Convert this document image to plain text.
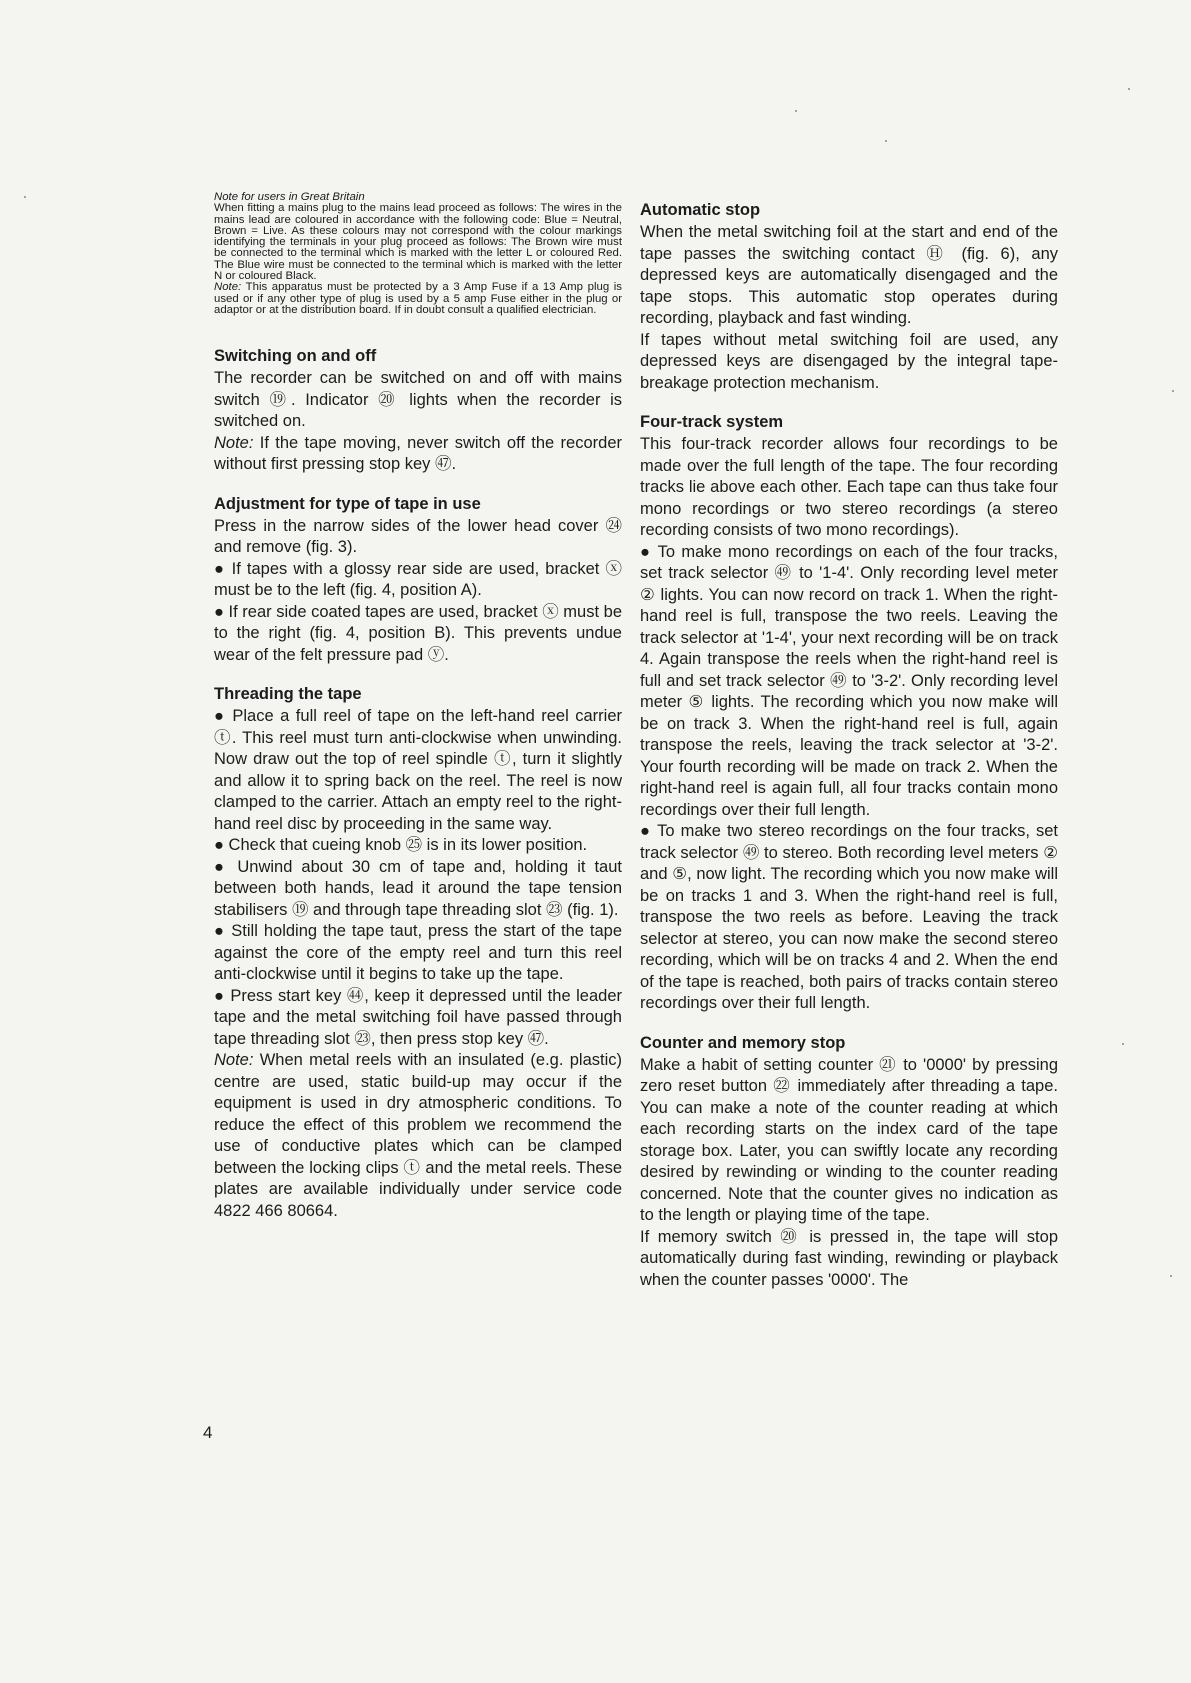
Note for users in Great Britain

When fitting a mains plug to the mains lead proceed as follows: The wires in the mains lead are coloured in accordance with the following code: Blue = Neutral, Brown = Live. As these colours may not correspond with the colour markings identifying the terminals in your plug proceed as follows: The Brown wire must be connected to the terminal which is marked with the letter L or coloured Red. The Blue wire must be connected to the terminal which is marked with the letter N or coloured Black.

Note: This apparatus must be protected by a 3 Amp Fuse if a 13 Amp plug is used or if any other type of plug is used by a 5 amp Fuse either in the plug or adaptor or at the distribution board. If in doubt consult a qualified electrician.

Switching on and off

The recorder can be switched on and off with mains switch ⑲. Indicator ⑳ lights when the recorder is switched on.

Note: If the tape moving, never switch off the recorder without first pressing stop key ㊼.

Adjustment for type of tape in use

Press in the narrow sides of the lower head cover ㉔ and remove (fig. 3).

● If tapes with a glossy rear side are used, bracket ⓧ must be to the left (fig. 4, position A).

● If rear side coated tapes are used, bracket ⓧ must be to the right (fig. 4, position B). This prevents undue wear of the felt pressure pad ⓨ.

Threading the tape

● Place a full reel of tape on the left-hand reel carrier ⓣ. This reel must turn anti-clockwise when unwinding. Now draw out the top of reel spindle ⓣ, turn it slightly and allow it to spring back on the reel. The reel is now clamped to the carrier. Attach an empty reel to the right-hand reel disc by proceeding in the same way.

● Check that cueing knob ㉕ is in its lower position.

● Unwind about 30 cm of tape and, holding it taut between both hands, lead it around the tape tension stabilisers ⑲ and through tape threading slot ㉓ (fig. 1).

● Still holding the tape taut, press the start of the tape against the core of the empty reel and turn this reel anti-clockwise until it begins to take up the tape.

● Press start key ㊹, keep it depressed until the leader tape and the metal switching foil have passed through tape threading slot ㉓, then press stop key ㊼.

Note: When metal reels with an insulated (e.g. plastic) centre are used, static build-up may occur if the equipment is used in dry atmospheric conditions. To reduce the effect of this problem we recommend the use of conductive plates which can be clamped between the locking clips ⓣ and the metal reels. These plates are available individually under service code 4822 466 80664.

Automatic stop

When the metal switching foil at the start and end of the tape passes the switching contact Ⓗ (fig. 6), any depressed keys are automatically disengaged and the tape stops. This automatic stop operates during recording, playback and fast winding.

If tapes without metal switching foil are used, any depressed keys are disengaged by the integral tape-breakage protection mechanism.

Four-track system

This four-track recorder allows four recordings to be made over the full length of the tape. The four recording tracks lie above each other. Each tape can thus take four mono recordings or two stereo recordings (a stereo recording consists of two mono recordings).

● To make mono recordings on each of the four tracks, set track selector ㊾ to '1-4'. Only recording level meter ② lights. You can now record on track 1. When the right-hand reel is full, transpose the two reels. Leaving the track selector at '1-4', your next recording will be on track 4. Again transpose the reels when the right-hand reel is full and set track selector ㊾ to '3-2'. Only recording level meter ⑤ lights. The recording which you now make will be on track 3. When the right-hand reel is full, again transpose the reels, leaving the track selector at '3-2'. Your fourth recording will be made on track 2. When the right-hand reel is again full, all four tracks contain mono recordings over their full length.

● To make two stereo recordings on the four tracks, set track selector ㊾ to stereo. Both recording level meters ② and ⑤, now light. The recording which you now make will be on tracks 1 and 3. When the right-hand reel is full, transpose the two reels as before. Leaving the track selector at stereo, you can now make the second stereo recording, which will be on tracks 4 and 2. When the end of the tape is reached, both pairs of tracks contain stereo recordings over their full length.

Counter and memory stop

Make a habit of setting counter ㉑ to '0000' by pressing zero reset button ㉒ immediately after threading a tape. You can make a note of the counter reading at which each recording starts on the index card of the tape storage box. Later, you can swiftly locate any recording desired by rewinding or winding to the counter reading concerned. Note that the counter gives no indication as to the length or playing time of the tape.

If memory switch ⑳ is pressed in, the tape will stop automatically during fast winding, rewinding or playback when the counter passes '0000'. The

4
